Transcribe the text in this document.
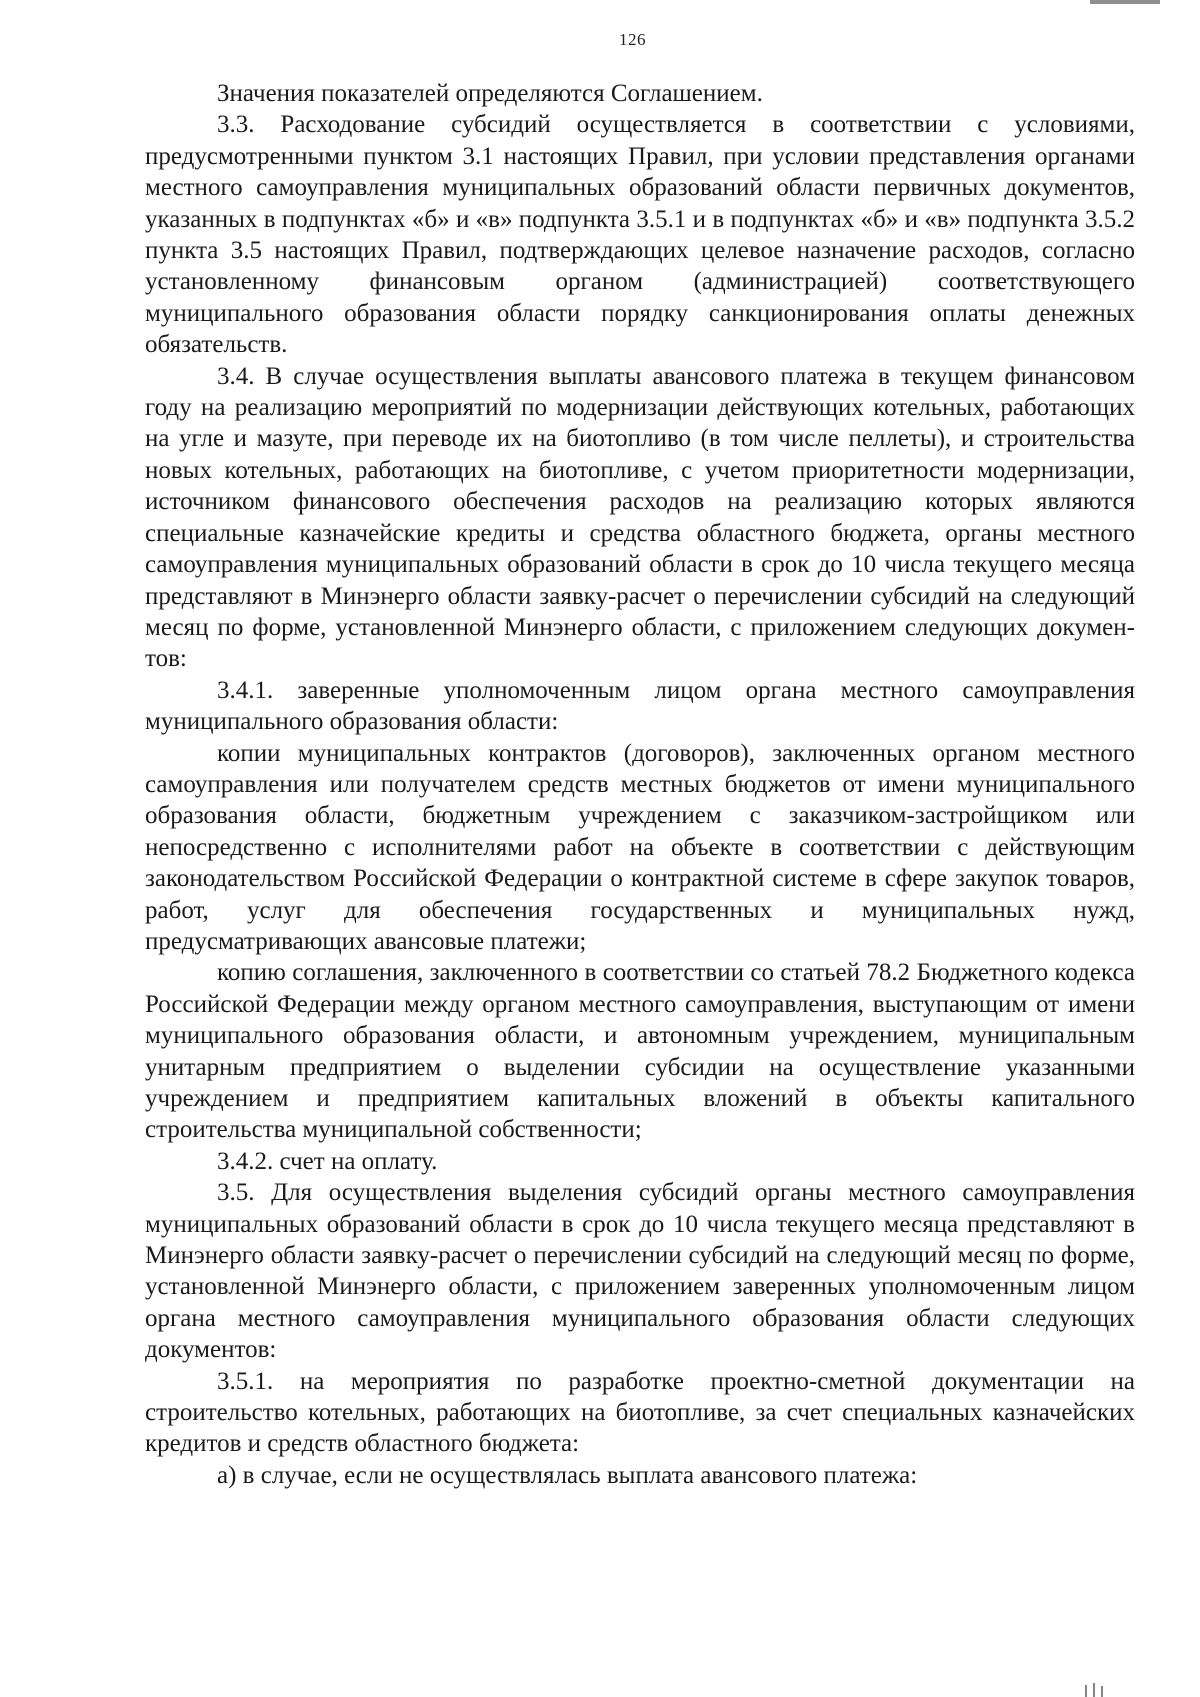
126

Значения показателей определяются Соглашением.

3.3. Расходование субсидий осуществляется в соответствии с условиями, предусмотренными пунктом 3.1 настоящих Правил, при условии представления органами местного самоуправления муниципальных образований области первичных документов, указанных в подпунктах «б» и «в» подпункта 3.5.1 и в подпунктах «б» и «в» подпункта 3.5.2 пункта 3.5 настоящих Правил, подтверждающих целевое назначение расходов, согласно установленному финансовым органом (администрацией) соответствующего муниципального образования области порядку санкционирования оплаты денежных обязательств.

3.4. В случае осуществления выплаты авансового платежа в текущем финансовом году на реализацию мероприятий по модернизации действующих котельных, работающих на угле и мазуте, при переводе их на биотопливо (в том числе пеллеты), и строительства новых котельных, работающих на биотопливе, с учетом приоритетности модернизации, источником финансового обеспечения расходов на реализацию которых являются специальные казначейские кредиты и средства областного бюджета, органы местного самоуправления муниципальных образований области в срок до 10 числа текущего месяца представляют в Минэнерго области заявку-расчет о перечислении субсидий на следующий месяц по форме, установленной Минэнерго области, с приложением следующих документов:

3.4.1. заверенные уполномоченным лицом органа местного самоуправления муниципального образования области:

копии муниципальных контрактов (договоров), заключенных органом местного самоуправления или получателем средств местных бюджетов от имени муниципального образования области, бюджетным учреждением с заказчиком-застройщиком или непосредственно с исполнителями работ на объекте в соответствии с действующим законодательством Российской Федерации о контрактной системе в сфере закупок товаров, работ, услуг для обеспечения государственных и муниципальных нужд, предусматривающих авансовые платежи;

копию соглашения, заключенного в соответствии со статьей 78.2 Бюджетного кодекса Российской Федерации между органом местного самоуправления, выступающим от имени муниципального образования области, и автономным учреждением, муниципальным унитарным предприятием о выделении субсидии на осуществление указанными учреждением и предприятием капитальных вложений в объекты капитального строительства муниципальной собственности;

3.4.2. счет на оплату.

3.5. Для осуществления выделения субсидий органы местного самоуправления муниципальных образований области в срок до 10 числа текущего месяца представляют в Минэнерго области заявку-расчет о перечислении субсидий на следующий месяц по форме, установленной Минэнерго области, с приложением заверенных уполномоченным лицом органа местного самоуправления муниципального образования области следующих документов:

3.5.1. на мероприятия по разработке проектно-сметной документации на строительство котельных, работающих на биотопливе, за счет специальных казначейских кредитов и средств областного бюджета:

а) в случае, если не осуществлялась выплата авансового платежа:
